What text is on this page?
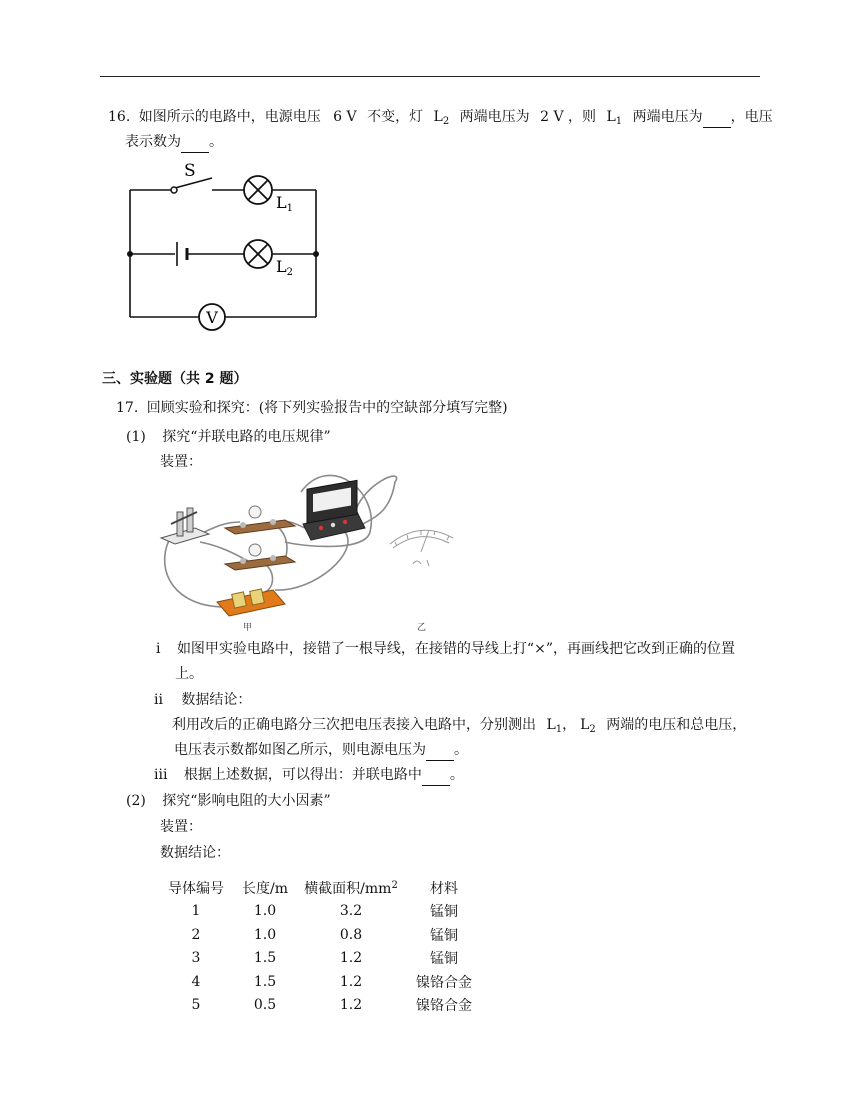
16. 如图所示的电路中，电源电压 6 V 不变，灯 $L_2$ 两端电压为 2 V ，则 $L_1$ 两端电压为 ，电压
表示数为 。
V
S
L1
L2
三、实验题（共 2 题）
17. 回顾实验和探究：(将下列实验报告中的空缺部分填写完整)
(1) 探究“并联电路的电压规律”
装置：
甲	乙
i 如图甲实验电路中，接错了一根导线，在接错的导线上打“×”，再画线把它改到正确的位置
上。
ii 数据结论：
利用改后的正确电路分三次把电压表接入电路中，分别测出 $L_1$， $L_2$ 两端的电压和总电压，
电压表示数都如图乙所示，则电源电压为 。
iii 根据上述数据，可以得出：并联电路中 。
(2) 探究“影响电阻的大小因素”
装置：
数据结论：
导体编号	长度/m	横截面积$/mm^2$	材料
1	1.0	3.2	锰铜
2	1.0	0.8	锰铜
3	1.5	1.2	锰铜
4	1.5	1.2	镍铬合金
5	0.5	1.2	镍铬合金
